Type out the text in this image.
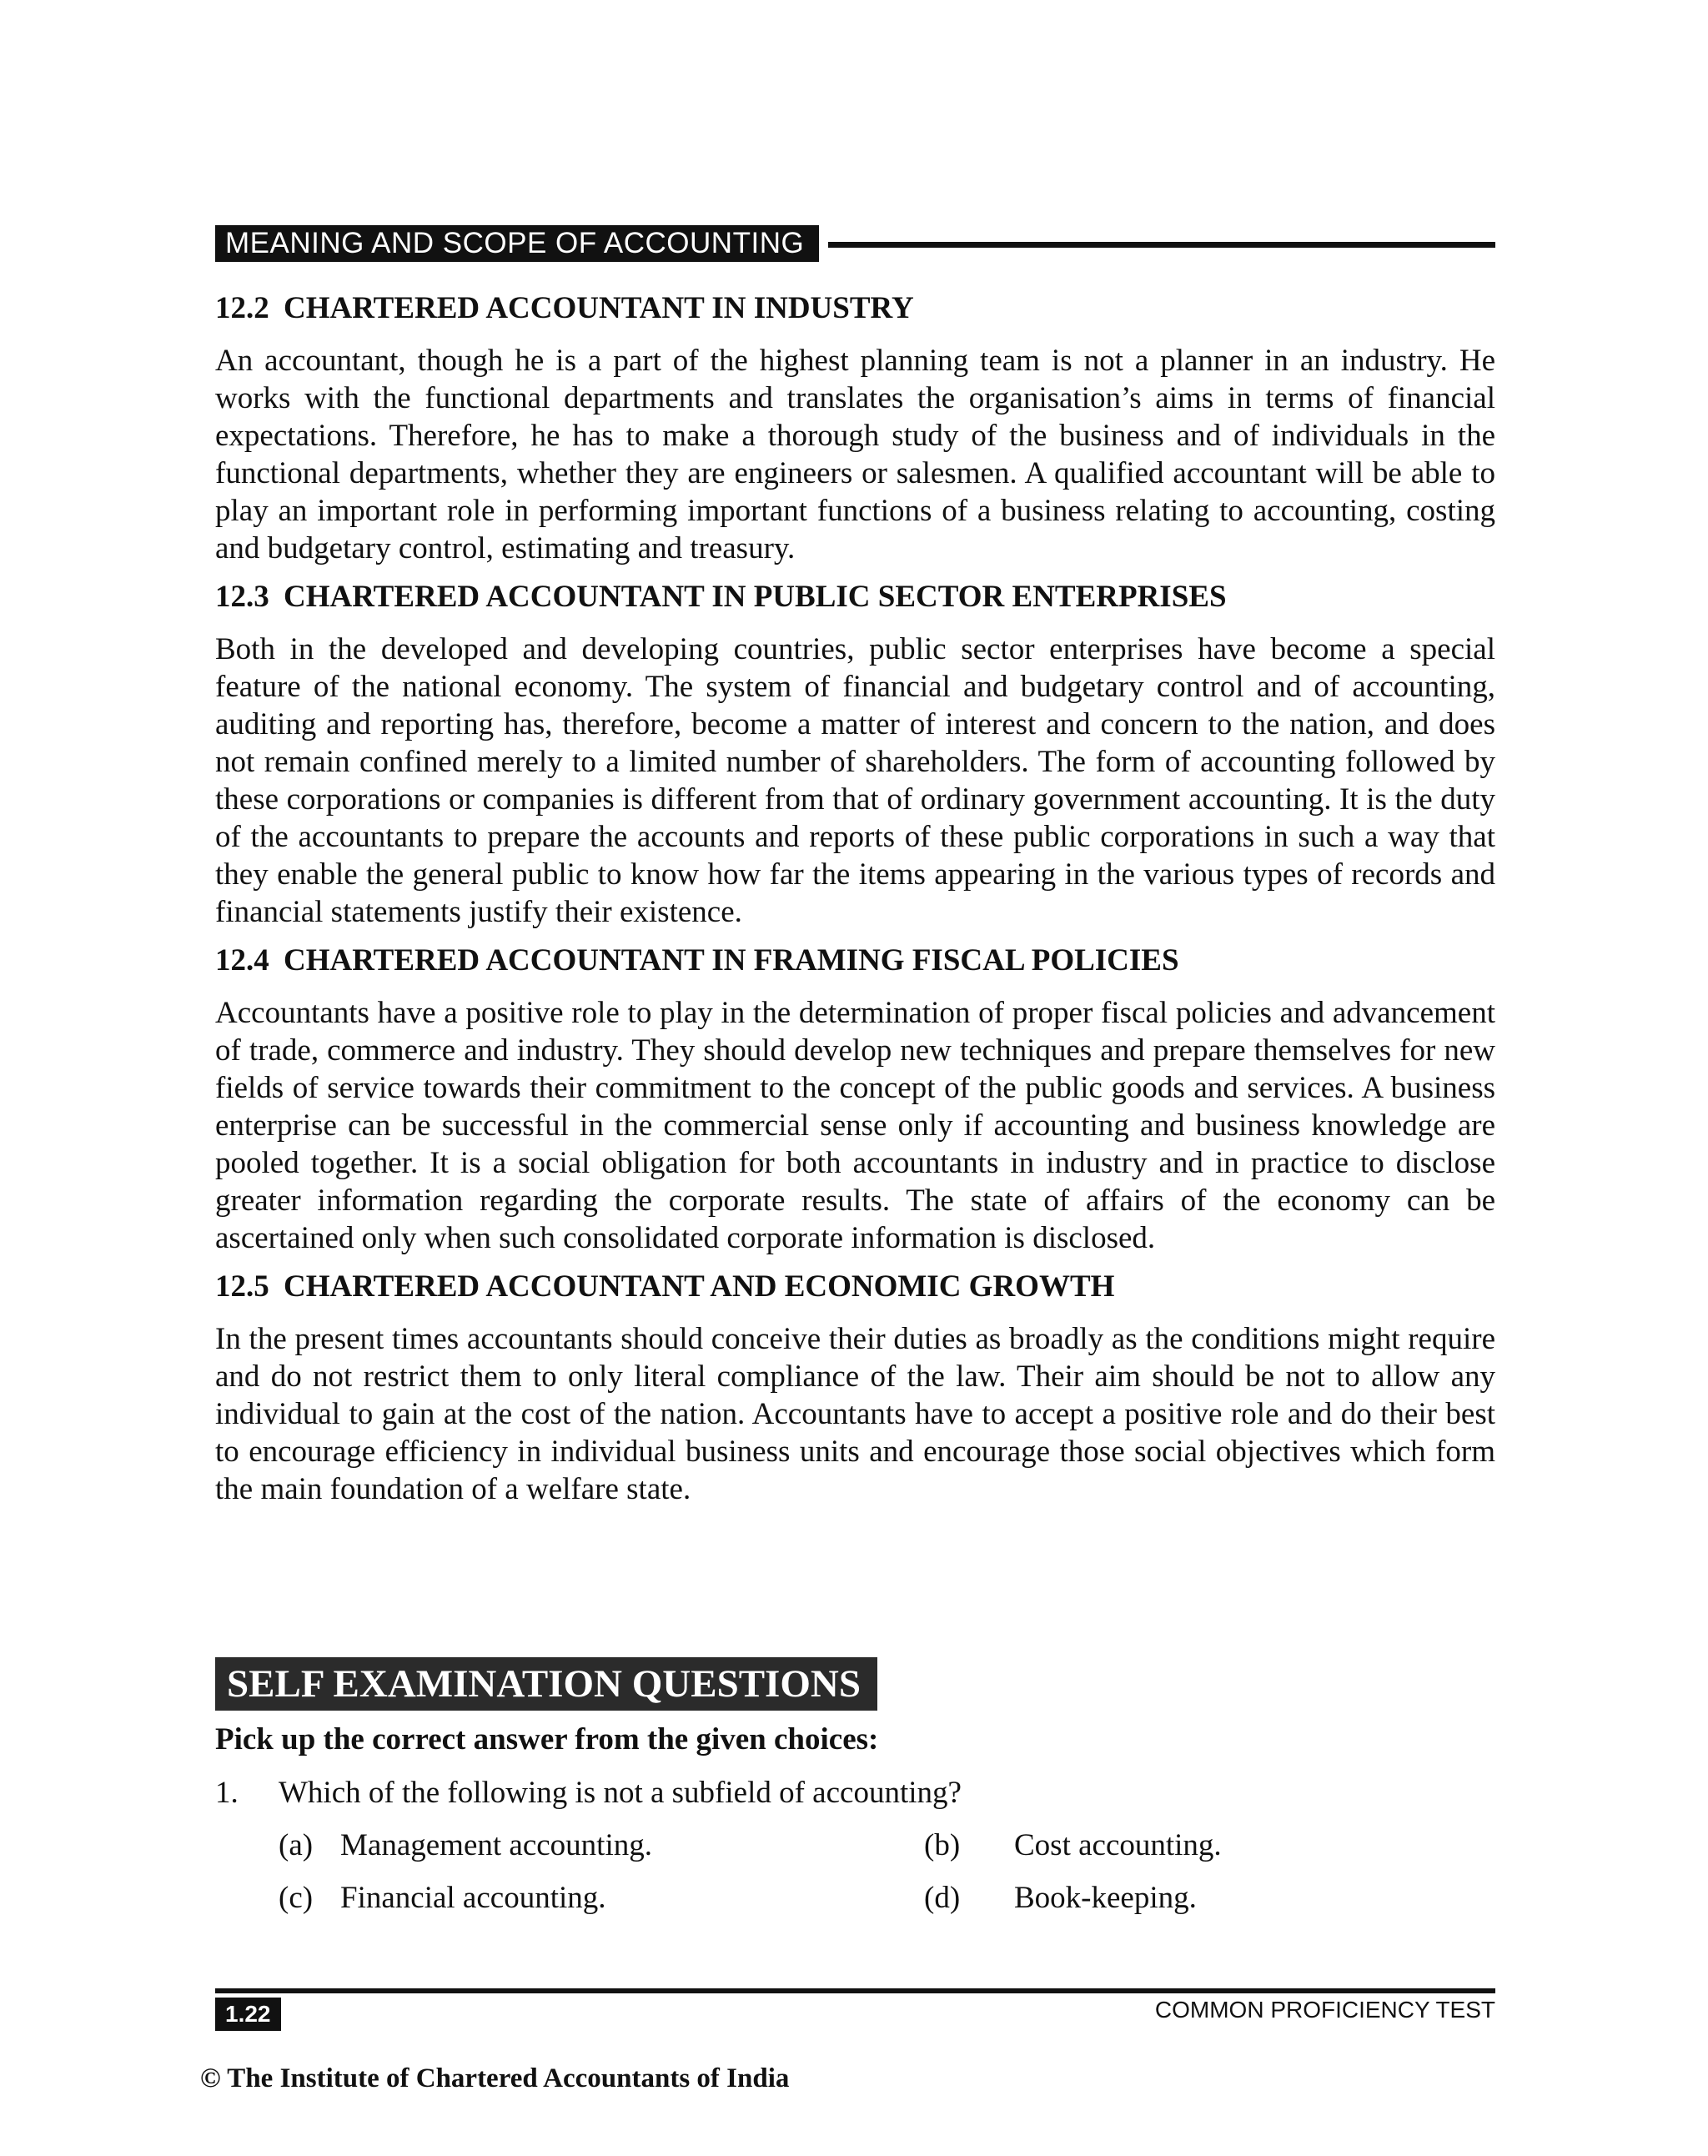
MEANING AND SCOPE OF ACCOUNTING
12.2 CHARTERED ACCOUNTANT IN INDUSTRY

An accountant, though he is a part of the highest planning team is not a planner in an industry. He works with the functional departments and translates the organisation’s aims in terms of financial expectations. Therefore, he has to make a thorough study of the business and of individuals in the functional departments, whether they are engineers or salesmen. A qualified accountant will be able to play an important role in performing important functions of a business relating to accounting, costing and budgetary control, estimating and treasury.

12.3 CHARTERED ACCOUNTANT IN PUBLIC SECTOR ENTERPRISES

Both in the developed and developing countries, public sector enterprises have become a special feature of the national economy. The system of financial and budgetary control and of accounting, auditing and reporting has, therefore, become a matter of interest and concern to the nation, and does not remain confined merely to a limited number of shareholders. The form of accounting followed by these corporations or companies is different from that of ordinary government accounting. It is the duty of the accountants to prepare the accounts and reports of these public corporations in such a way that they enable the general public to know how far the items appearing in the various types of records and financial statements justify their existence.

12.4 CHARTERED ACCOUNTANT IN FRAMING FISCAL POLICIES

Accountants have a positive role to play in the determination of proper fiscal policies and advancement of trade, commerce and industry. They should develop new techniques and prepare themselves for new fields of service towards their commitment to the concept of the public goods and services. A business enterprise can be successful in the commercial sense only if accounting and business knowledge are pooled together. It is a social obligation for both accountants in industry and in practice to disclose greater information regarding the corporate results. The state of affairs of the economy can be ascertained only when such consolidated corporate information is disclosed.

12.5 CHARTERED ACCOUNTANT AND ECONOMIC GROWTH

In the present times accountants should conceive their duties as broadly as the conditions might require and do not restrict them to only literal compliance of the law. Their aim should be not to allow any individual to gain at the cost of the nation. Accountants have to accept a positive role and do their best to encourage efficiency in individual business units and encourage those social objectives which form the main foundation of a welfare state.

SELF EXAMINATION QUESTIONS
Pick up the correct answer from the given choices:
1. Which of the following is not a subfield of accounting?
(a) Management accounting.	(b) Cost accounting.
(c) Financial accounting.	(d) Book-keeping.
1.22	COMMON PROFICIENCY TEST
© The Institute of Chartered Accountants of India
